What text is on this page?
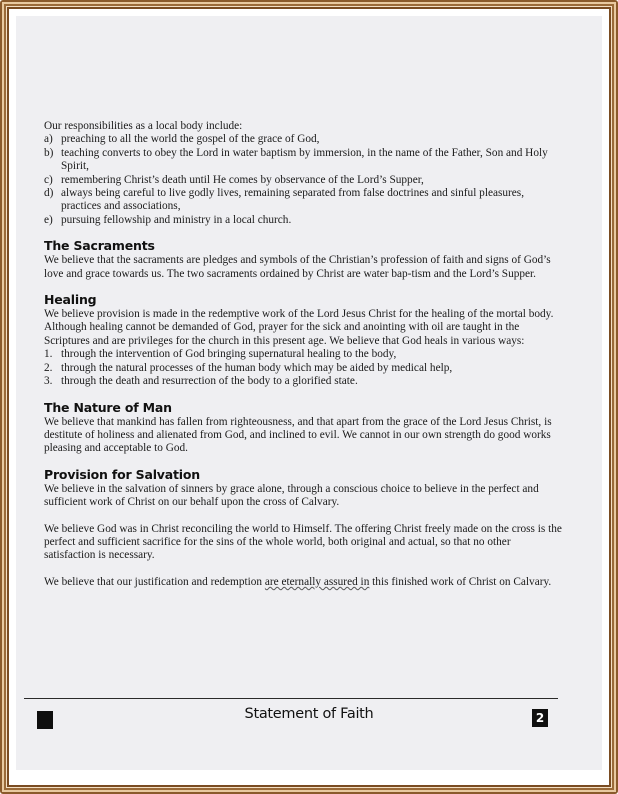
Our responsibilities as a local body include:

a) preaching to all the world the gospel of the grace of God,
b) teaching converts to obey the Lord in water baptism by immersion, in the name of the Father, Son and Holy Spirit,
c) remembering Christ’s death until He comes by observance of the Lord’s Supper,
d) always being careful to live godly lives, remaining separated from false doctrines and sinful pleasures, practices and associations,
e) pursuing fellowship and ministry in a local church.
The Sacraments

We believe that the sacraments are pledges and symbols of the Christian’s profession of faith and signs of God’s love and grace towards us. The two sacraments ordained by Christ are water bap-tism and the Lord’s Supper.

Healing

We believe provision is made in the redemptive work of the Lord Jesus Christ for the healing of the mortal body. Although healing cannot be demanded of God, prayer for the sick and anointing with oil are taught in the Scriptures and are privileges for the church in this present age. We believe that God heals in various ways:

1. through the intervention of God bringing supernatural healing to the body,
2. through the natural processes of the human body which may be aided by medical help,
3. through the death and resurrection of the body to a glorified state.
The Nature of Man

We believe that mankind has fallen from righteousness, and that apart from the grace of the Lord Jesus Christ, is destitute of holiness and alienated from God, and inclined to evil. We cannot in our own strength do good works pleasing and acceptable to God.

Provision for Salvation

We believe in the salvation of sinners by grace alone, through a conscious choice to believe in the perfect and sufficient work of Christ on our behalf upon the cross of Calvary.

We believe God was in Christ reconciling the world to Himself. The offering Christ freely made on the cross is the perfect and sufficient sacrifice for the sins of the whole world, both original and actual, so that no other satisfaction is necessary.

We believe that our justification and redemption are eternally assured in this finished work of Christ on Calvary.

Statement of Faith	2
